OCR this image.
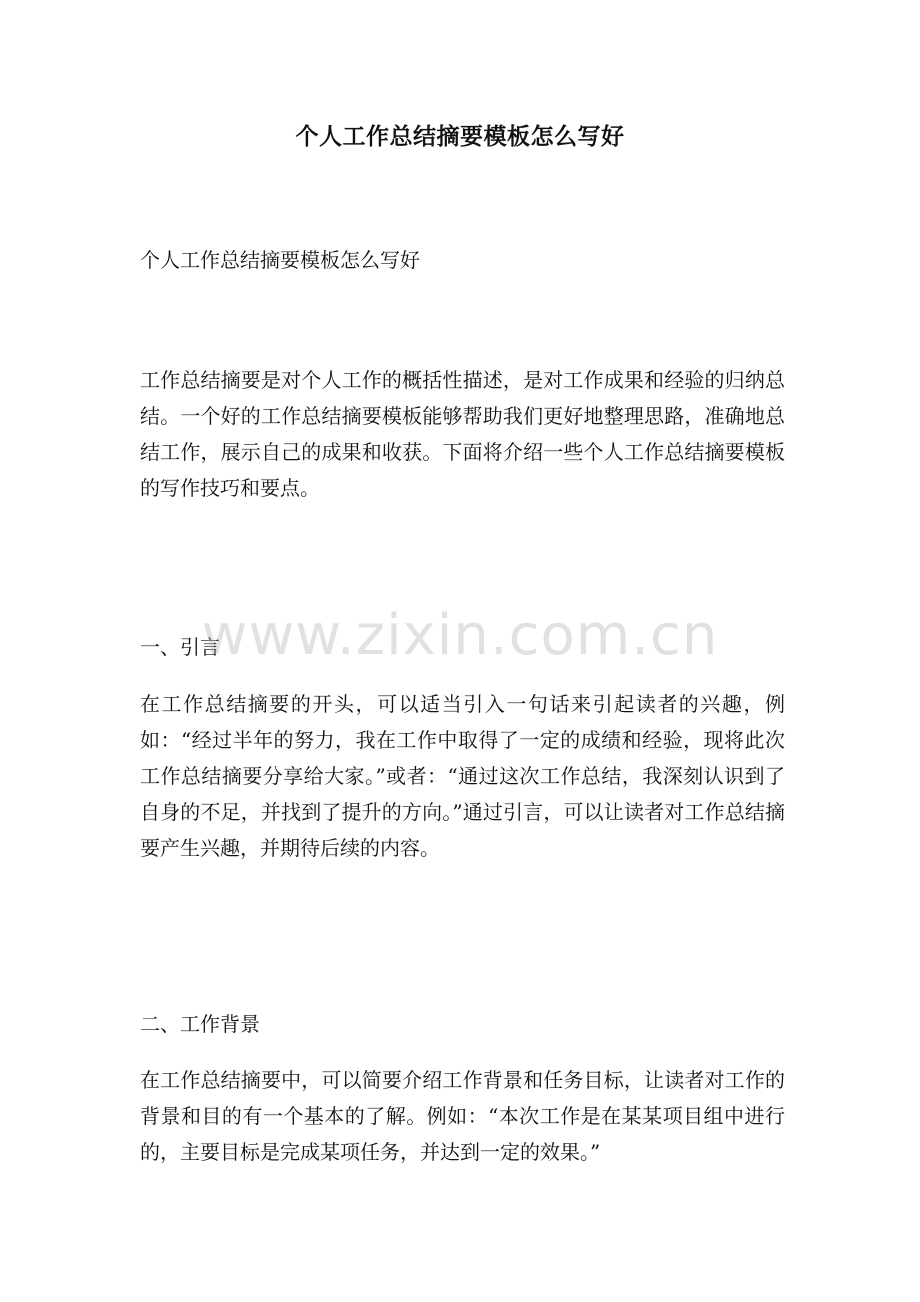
个人工作总结摘要模板怎么写好
个人工作总结摘要模板怎么写好

工作总结摘要是对个人工作的概括性描述，是对工作成果和经验的归纳总结。一个好的工作总结摘要模板能够帮助我们更好地整理思路，准确地总结工作，展示自己的成果和收获。下面将介绍一些个人工作总结摘要模板的写作技巧和要点。

一、引言

在工作总结摘要的开头，可以适当引入一句话来引起读者的兴趣，例如：“经过半年的努力，我在工作中取得了一定的成绩和经验，现将此次工作总结摘要分享给大家。”或者：“通过这次工作总结，我深刻认识到了自身的不足，并找到了提升的方向。”通过引言，可以让读者对工作总结摘要产生兴趣，并期待后续的内容。

二、工作背景

在工作总结摘要中，可以简要介绍工作背景和任务目标，让读者对工作的背景和目的有一个基本的了解。例如：“本次工作是在某某项目组中进行的，主要目标是完成某项任务，并达到一定的效果。”

www.zixin.com.cn
